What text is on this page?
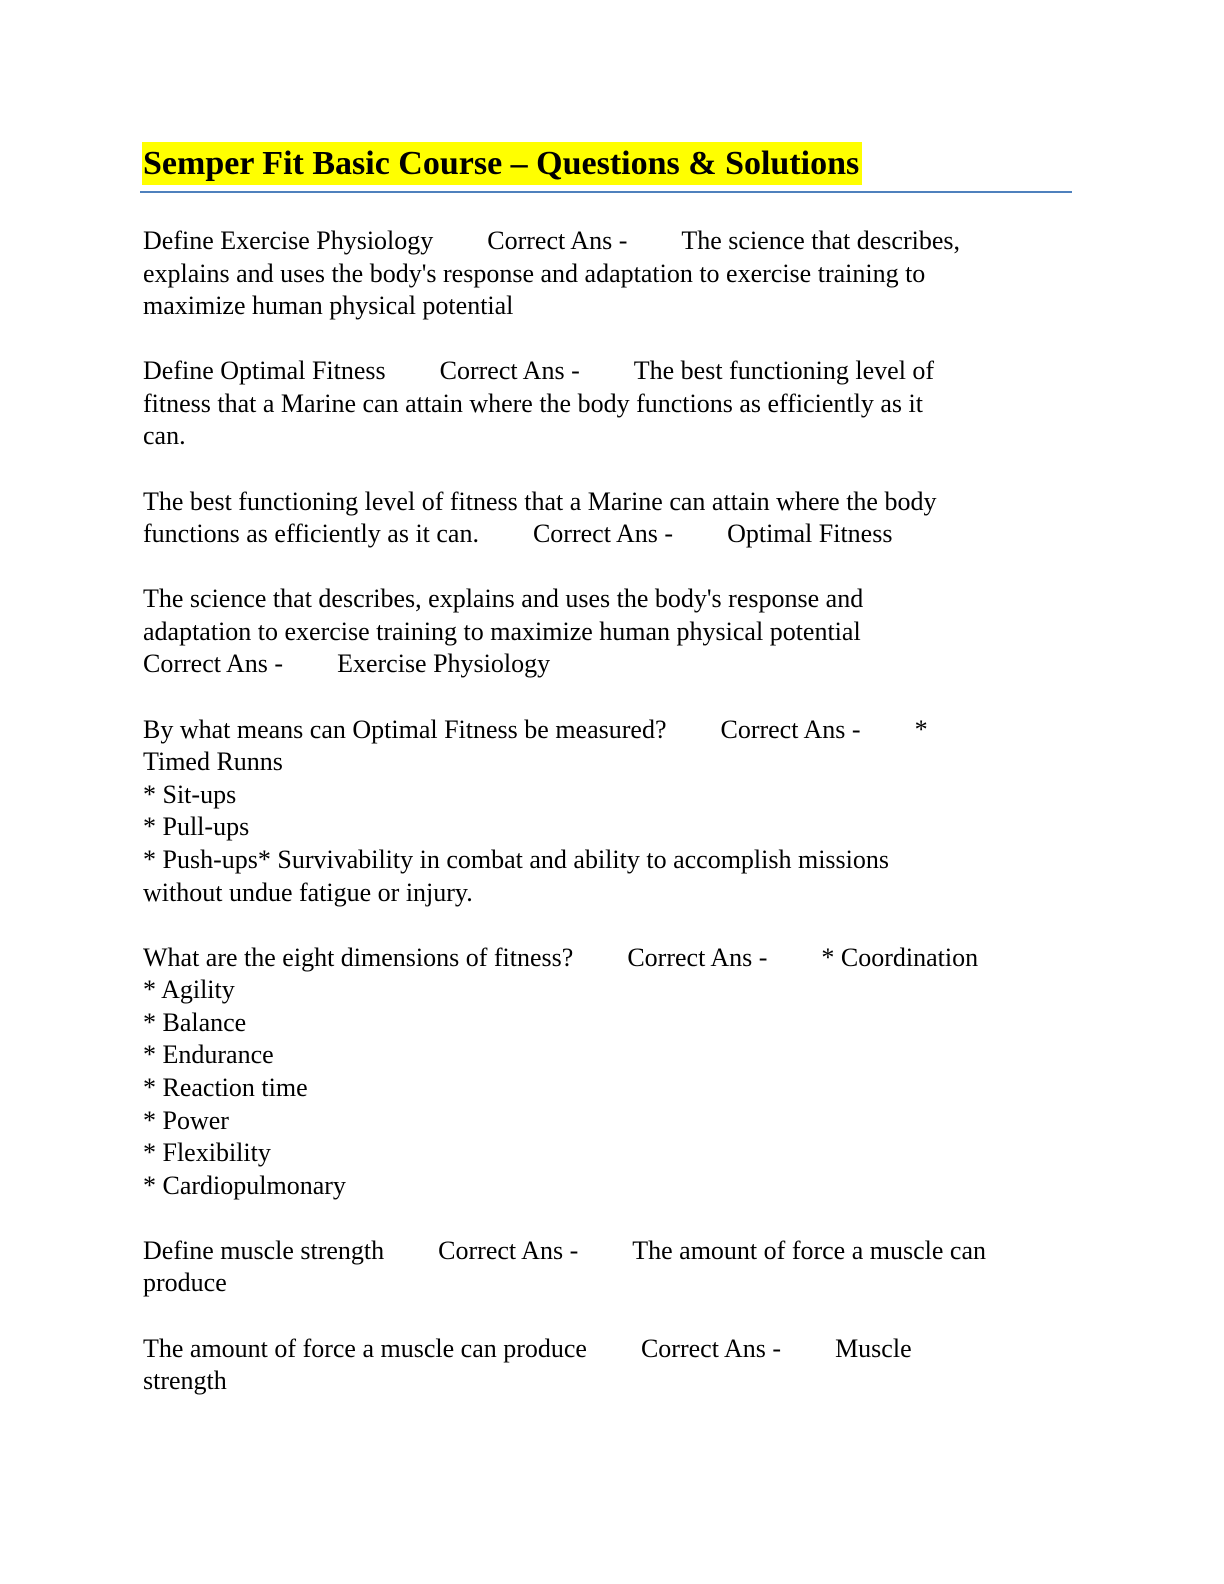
Semper Fit Basic Course – Questions & Solutions
Define Exercise Physiology Correct Ans - The science that describes,
explains and uses the body's response and adaptation to exercise training to
maximize human physical potential
Define Optimal Fitness Correct Ans - The best functioning level of
fitness that a Marine can attain where the body functions as efficiently as it
can.
The best functioning level of fitness that a Marine can attain where the body
functions as efficiently as it can. Correct Ans - Optimal Fitness
The science that describes, explains and uses the body's response and
adaptation to exercise training to maximize human physical potential
Correct Ans - Exercise Physiology
By what means can Optimal Fitness be measured? Correct Ans - *
Timed Runns
* Sit-ups
* Pull-ups
* Push-ups* Survivability in combat and ability to accomplish missions
without undue fatigue or injury.
What are the eight dimensions of fitness? Correct Ans - * Coordination
* Agility
* Balance
* Endurance
* Reaction time
* Power
* Flexibility
* Cardiopulmonary
Define muscle strength Correct Ans - The amount of force a muscle can
produce
The amount of force a muscle can produce Correct Ans - Muscle
strength
